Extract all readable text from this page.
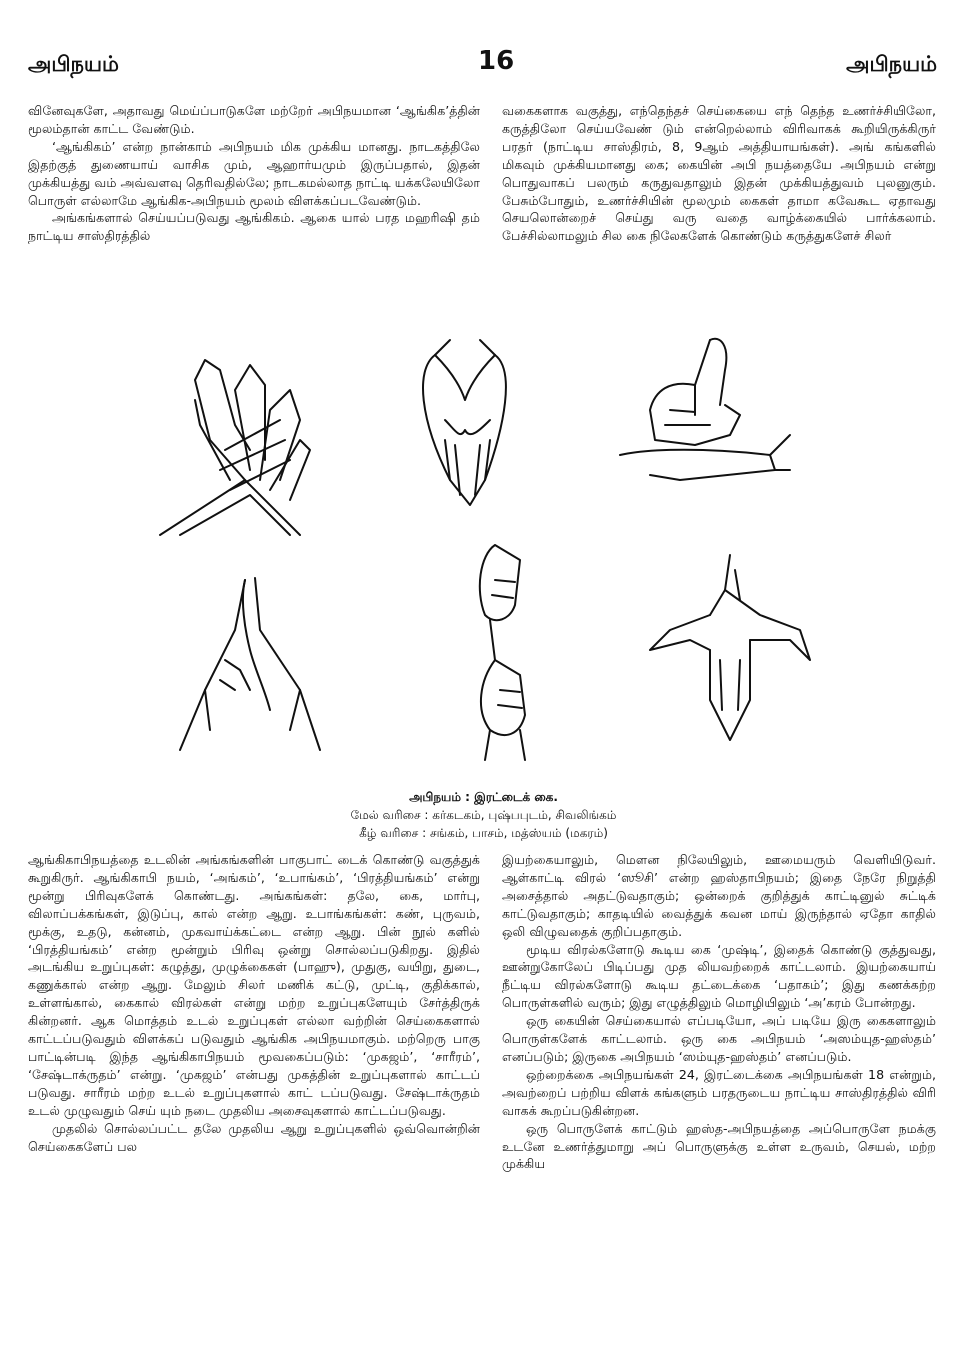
அபிநயம்	16	அபிநயம்

வினேவுகளே, அதாவது மெய்ப்பாடுகளே மற்றேர் அபிநயமான ‘ஆங்கிக’த்தின் மூலம்தான் காட்ட வேண்டும்.

‘ஆங்கிகம்’ என்ற நான்காம் அபிநயம் மிக முக்கிய மானது. நாடகத்திலே இதற்குத் துணையாய் வாசிக மும், ஆஹார்யமும் இருப்பதால், இதன் முக்கியத்து வம் அவ்வளவு தெரிவதில்லே; நாடகமல்லாத நாட்டி யக்கலேயிலோ பொருள் எல்லாமே ஆங்கிக-அபிநயம் மூலம் விளக்கப்படவேண்டும்.

அங்கங்களால் செய்யப்படுவது ஆங்கிகம். ஆகை யால் பரத மஹரிஷி தம் நாட்டிய சாஸ்திரத்தில்

வகைகளாக வகுத்து, எந்தெந்தச் செய்கையை எந் தெந்த உணர்ச்சியிலோ, கருத்திலோ செய்யவேண் டும் என்றெல்லாம் விரிவாகக் கூறியிருக்கிருர் பரதர் (நாட்டிய சாஸ்திரம், 8, 9ஆம் அத்தியாயங்கள்). அங் கங்களில் மிகவும் முக்கியமானது கை; கையின் அபி நயத்தையே அபிநயம் என்று பொதுவாகப் பலரும் கருதுவதாலும் இதன் முக்கியத்துவம் புலனுகும். பேசும்போதும், உணர்ச்சியின் மூலமும் கைகள் தாமா கவேகூட ஏதாவது செயலொன்றைச் செய்து வரு வதை வாழ்க்கையில் பார்க்கலாம். பேச்சில்லாமலும் சில கை நிலேகளேக் கொண்டும் கருத்துகளேச் சிலர்

அபிநயம் : இரட்டைக் கை.
மேல் வரிசை : கர்கடகம், புஷ்பபுடம், சிவலிங்கம்
கீழ் வரிசை : சங்கம், பாசம், மத்ஸ்யம் (மகரம்)

ஆங்கிகாபிநயத்தை உடலின் அங்கங்களின் பாகுபாட் டைக் கொண்டு வகுத்துக் கூறுகிருர். ஆங்கிகாபி நயம், ‘அங்கம்’, ‘உபாங்கம்’, ‘பிரத்தியங்கம்’ என்று மூன்று பிரிவுகளேக் கொண்டது. அங்கங்கள்: தலே, கை, மார்பு, விலாப்பக்கங்கள், இடுப்பு, கால் என்ற ஆறு. உபாங்கங்கள்: கண், புருவம், மூக்கு, உதடு, கன்னம், முகவாய்க்கட்டை என்ற ஆறு. பின் நூல் களில் ‘பிரத்தியங்கம்’ என்ற மூன்றும் பிரிவு ஒன்று சொல்லப்படுகிறது. இதில் அடங்கிய உறுப்புகள்: கழுத்து, முழுக்கைகள் (பாஹு), முதுகு, வயிறு, துடை, கணுக்கால் என்ற ஆறு. மேலும் சிலர் மணிக் கட்டு, முட்டி, குதிக்கால், உள்ளங்கால், கைகால் விரல்கள் என்று மற்ற உறுப்புகளேயும் சேர்த்திருக் கின்றனர். ஆக மொத்தம் உடல் உறுப்புகள் எல்லா வற்றின் செய்கைகளால் காட்டப்படுவதும் விளக்கப் படுவதும் ஆங்கிக அபிநயமாகும். மற்றெரு பாகு பாட்டின்படி இந்த ஆங்கிகாபிநயம் மூவகைப்படும்: ‘முகஜம்’, ‘சாரீரம்’, ‘சேஷ்டாக்ருதம்’ என்று. ‘முகஜம்’ என்பது முகத்தின் உறுப்புகளால் காட்டப் படுவது. சாரீரம் மற்ற உடல் உறுப்புகளால் காட் டப்படுவது. சேஷ்டாக்ருதம் உடல் முழுவதும் செய் யும் நடை முதலிய அசைவுகளால் காட்டப்படுவது.

முதலில் சொல்லப்பட்ட தலே முதலிய ஆறு உறுப்புகளில் ஒவ்வொன்றின் செய்கைகளேப் பல

இயற்கையாலும், மௌன நிலேயிலும், ஊமையரும் வெளியிடுவர். ஆள்காட்டி விரல் ‘ஸூசி’ என்ற ஹஸ்தாபிநயம்; இதை நேரே நிறுத்தி அசைத்தால் அதட்டுவதாகும்; ஒன்றைக் குறித்துக் காட்டினுல் சுட்டிக் காட்டுவதாகும்; காதடியில் வைத்துக் கவன மாய் இருந்தால் ஏதோ காதில் ஒலி விழுவதைக் குறிப்பதாகும்.

மூடிய விரல்களோடு கூடிய கை ‘முஷ்டி’, இதைக் கொண்டு குத்துவது, ஊன்றுகோலேப் பிடிப்பது முத லியவற்றைக் காட்டலாம். இயற்கையாய் நீட்டிய விரல்களோடு கூடிய தட்டைக்கை ‘பதாகம்’; இது கணக்கற்ற பொருள்களில் வரும்; இது எழுத்திலும் மொழியிலும் ‘அ’கரம் போன்றது.

ஒரு கையின் செய்கையால் எப்படியோ, அப் படியே இரு கைகளாலும் பொருள்களேக் காட்டலாம். ஒரு கை அபிநயம் ‘அஸம்யுத-ஹஸ்தம்’ எனப்படும்; இருகை அபிநயம் ‘ஸம்யுத-ஹஸ்தம்’ எனப்படும்.

ஒற்றைக்கை அபிநயங்கள் 24, இரட்டைக்கை அபிநயங்கள் 18 என்றும், அவற்றைப் பற்றிய விளக் கங்களும் பரதருடைய நாட்டிய சாஸ்திரத்தில் விரி வாகக் கூறப்படுகின்றன.

ஒரு பொருளேக் காட்டும் ஹஸ்த-அபிநயத்தை அப்பொருளே நமக்கு உடனே உணர்த்துமாறு அப் பொருளுக்கு உள்ள உருவம், செயல், மற்ற முக்கிய
